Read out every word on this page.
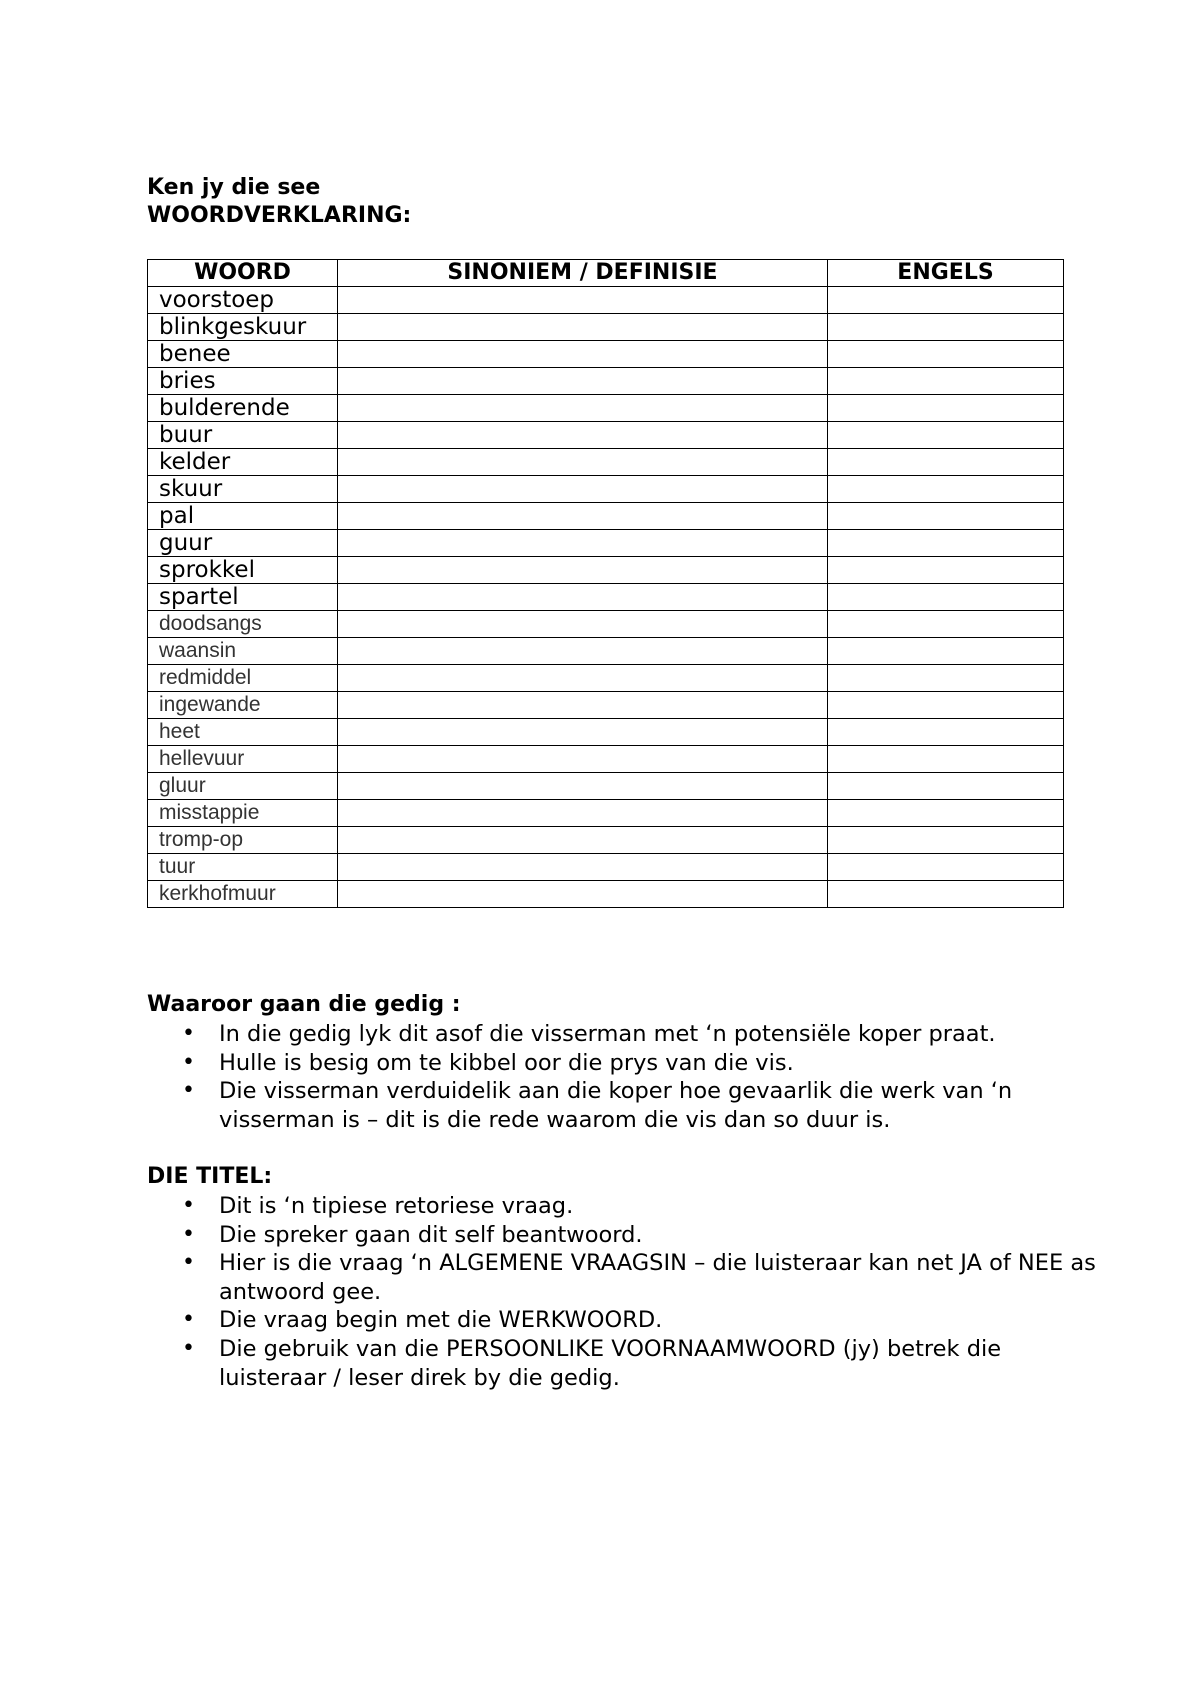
Ken jy die see
WOORDVERKLARING:
WOORD	SINONIEM / DEFINISIE	ENGELS
voorstoep		
blinkgeskuur		
benee		
bries		
bulderende		
buur		
kelder		
skuur		
pal		
guur		
sprokkel		
spartel		
doodsangs		
waansin		
redmiddel		
ingewande		
heet		
hellevuur		
gluur		
misstappie		
tromp-op		
tuur		
kerkhofmuur		
Waaroor gaan die gedig :
• In die gedig lyk dit asof die visserman met ‘n potensiële koper praat.
• Hulle is besig om te kibbel oor die prys van die vis.
• Die visserman verduidelik aan die koper hoe gevaarlik die werk van ‘n visserman is – dit is die rede waarom die vis dan so duur is.
DIE TITEL:
• Dit is ‘n tipiese retoriese vraag.
• Die spreker gaan dit self beantwoord.
• Hier is die vraag ‘n ALGEMENE VRAAGSIN – die luisteraar kan net JA of NEE as antwoord gee.
• Die vraag begin met die WERKWOORD.
• Die gebruik van die PERSOONLIKE VOORNAAMWOORD (jy) betrek die luisteraar / leser direk by die gedig.
